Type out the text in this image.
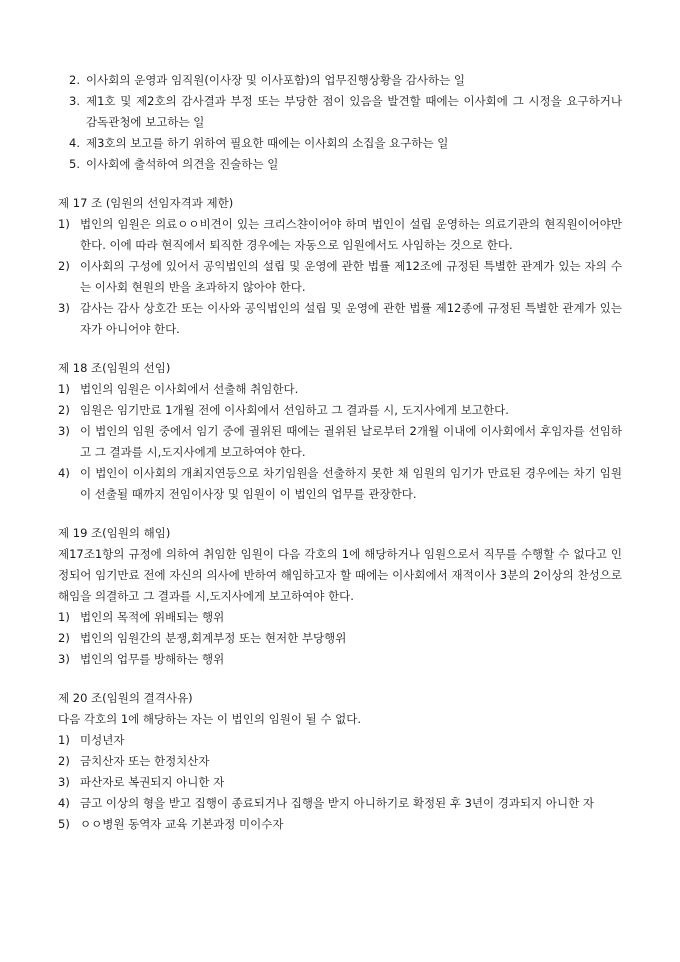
2. 이사회의 운영과 임직원(이사장 및 이사포함)의 업무진행상황을 감사하는 일
3. 제1호 및 제2호의 감사결과 부정 또는 부당한 점이 있음을 발견할 때에는 이사회에 그 시정을 요구하거나 감독관청에 보고하는 일
4. 제3호의 보고를 하기 위하여 필요한 때에는 이사회의 소집을 요구하는 일
5. 이사회에 출석하여 의견을 진술하는 일
제 17 조 (임원의 선임자격과 제한)
1) 법인의 임원은 의료ㅇㅇ비견이 있는 크리스챤이어야 하며 법인이 설립 운영하는 의료기관의 현직원이어야만 한다. 이에 따라 현직에서 퇴직한 경우에는 자동으로 임원에서도 사임하는 것으로 한다.
2) 이사회의 구성에 있어서 공익법인의 설립 및 운영에 관한 법률 제12조에 규정된 특별한 관계가 있는 자의 수는 이사회 현원의 반을 초과하지 않아야 한다.
3) 감사는 감사 상호간 또는 이사와 공익법인의 설립 및 운영에 관한 법률 제12종에 규정된 특별한 관계가 있는 자가 아니어야 한다.
제 18 조(임원의 선임)
1) 법인의 임원은 이사회에서 선출해 취임한다.
2) 임원은 임기만료 1개월 전에 이사회에서 선임하고 그 결과를 시, 도지사에게 보고한다.
3) 이 법인의 임원 중에서 임기 중에 궐위된 때에는 궐위된 날로부터 2개월 이내에 이사회에서 후임자를 선임하고 그 결과를 시,도지사에게 보고하여야 한다.
4) 이 법인이 이사회의 개최지연등으로 차기임원을 선출하지 못한 채 임원의 임기가 만료된 경우에는 차기 임원이 선출될 때까지 전임이사장 및 임원이 이 법인의 업무를 관장한다.
제 19 조(임원의 해임)
제17조1항의 규정에 의하여 취임한 임원이 다음 각호의 1에 해당하거나 임원으로서 직무를 수행할 수 없다고 인정되어 임기만료 전에 자신의 의사에 반하여 해임하고자 할 때에는 이사회에서 재적이사 3분의 2이상의 찬성으로 해임을 의결하고 그 결과를 시,도지사에게 보고하여야 한다.
1) 법인의 목적에 위배되는 행위
2) 법인의 임원간의 분쟁,회계부정 또는 현저한 부당행위
3) 법인의 업무를 방해하는 행위
제 20 조(임원의 결격사유)
다음 각호의 1에 해당하는 자는 이 법인의 임원이 될 수 없다.
1) 미성년자
2) 금치산자 또는 한정치산자
3) 파산자로 복권되지 아니한 자
4) 금고 이상의 형을 받고 집행이 종료되거나 집행을 받지 아니하기로 확정된 후 3년이 경과되지 아니한 자
5) ㅇㅇ병원 동역자 교육 기본과정 미이수자
